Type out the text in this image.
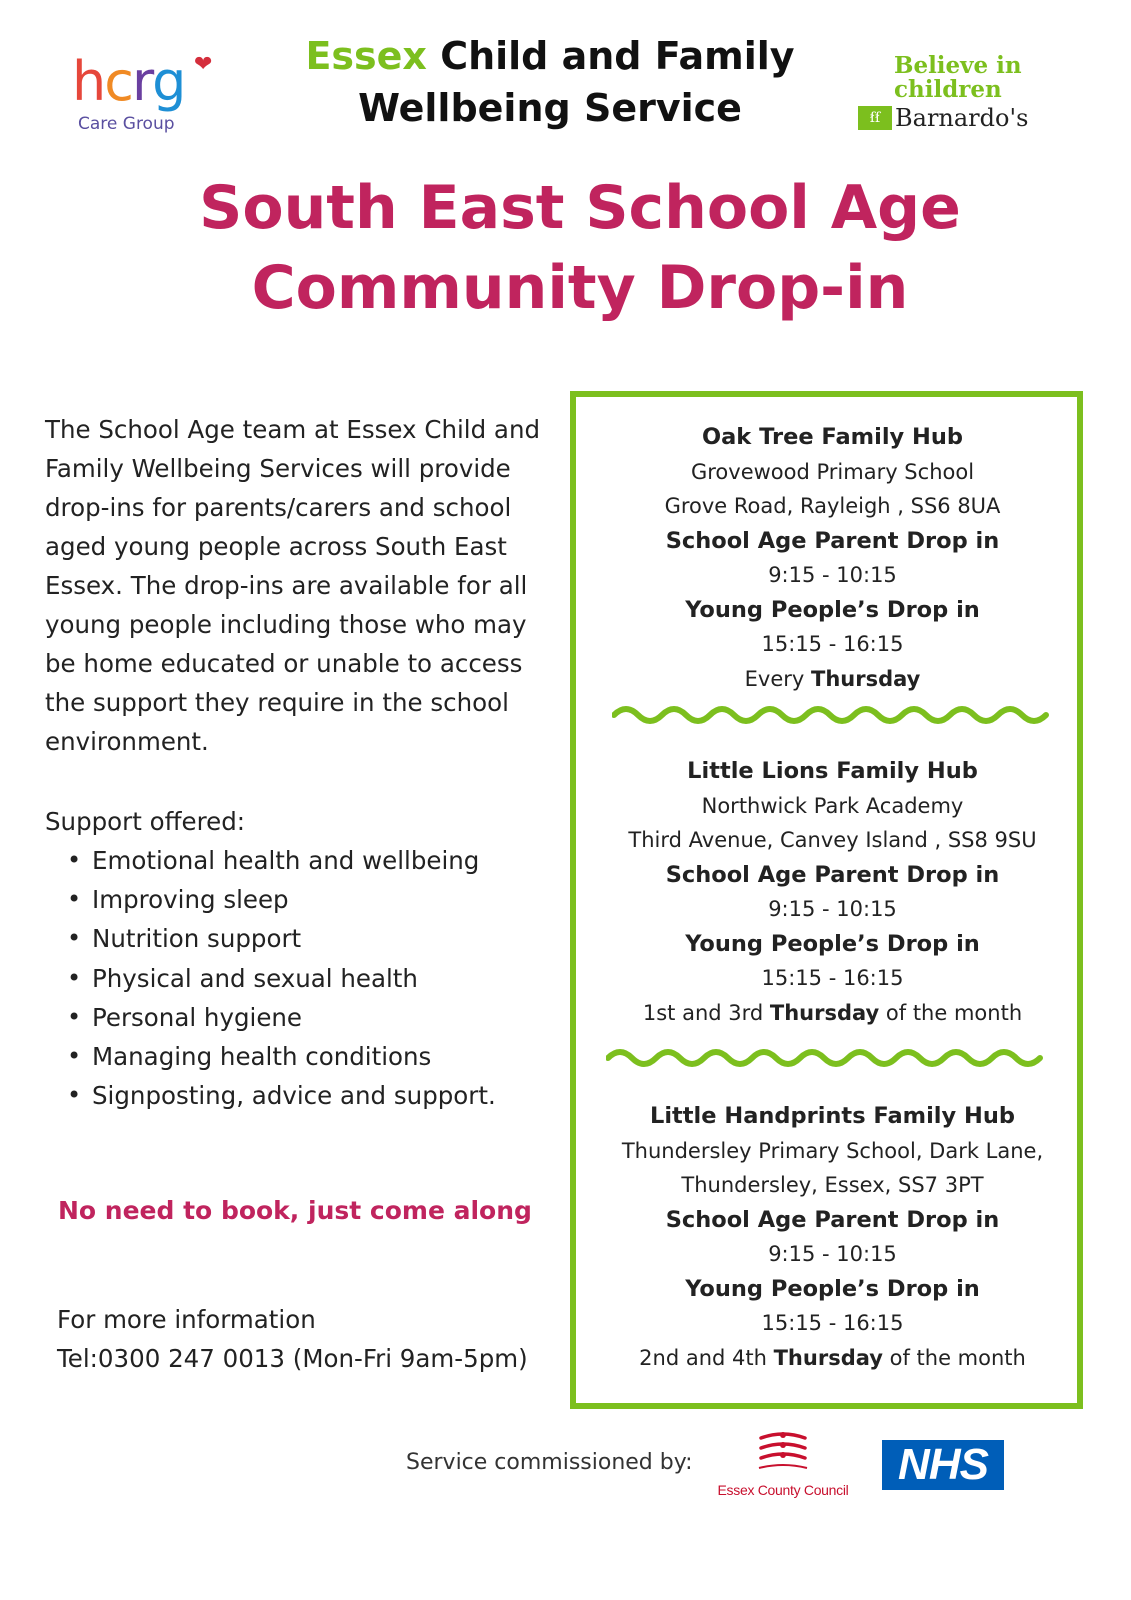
hcrg ❤
Care Group
Essex Child and Family
Wellbeing Service
Believe in
children
ẜẜ Barnardo's
South East School Age
Community Drop-in
The School Age team at Essex Child and Family Wellbeing Services will provide drop-ins for parents/carers and school aged young people across South East Essex. The drop-ins are available for all young people including those who may be home educated or unable to access the support they require in the school environment.
Support offered:
• Emotional health and wellbeing
• Improving sleep
• Nutrition support
• Physical and sexual health
• Personal hygiene
• Managing health conditions
• Signposting, advice and support.
No need to book, just come along
For more information
Tel:0300 247 0013 (Mon-Fri 9am-5pm)
Oak Tree Family Hub
Grovewood Primary School
Grove Road, Rayleigh , SS6 8UA
School Age Parent Drop in
9:15 - 10:15
Young People’s Drop in
15:15 - 16:15
Every Thursday
Little Lions Family Hub
Northwick Park Academy
Third Avenue, Canvey Island , SS8 9SU
School Age Parent Drop in
9:15 - 10:15
Young People’s Drop in
15:15 - 16:15
1st and 3rd Thursday of the month
Little Handprints Family Hub
Thundersley Primary School, Dark Lane,
Thundersley, Essex, SS7 3PT
School Age Parent Drop in
9:15 - 10:15
Young People’s Drop in
15:15 - 16:15
2nd and 4th Thursday of the month
Service commissioned by:
Essex County Council
NHS
